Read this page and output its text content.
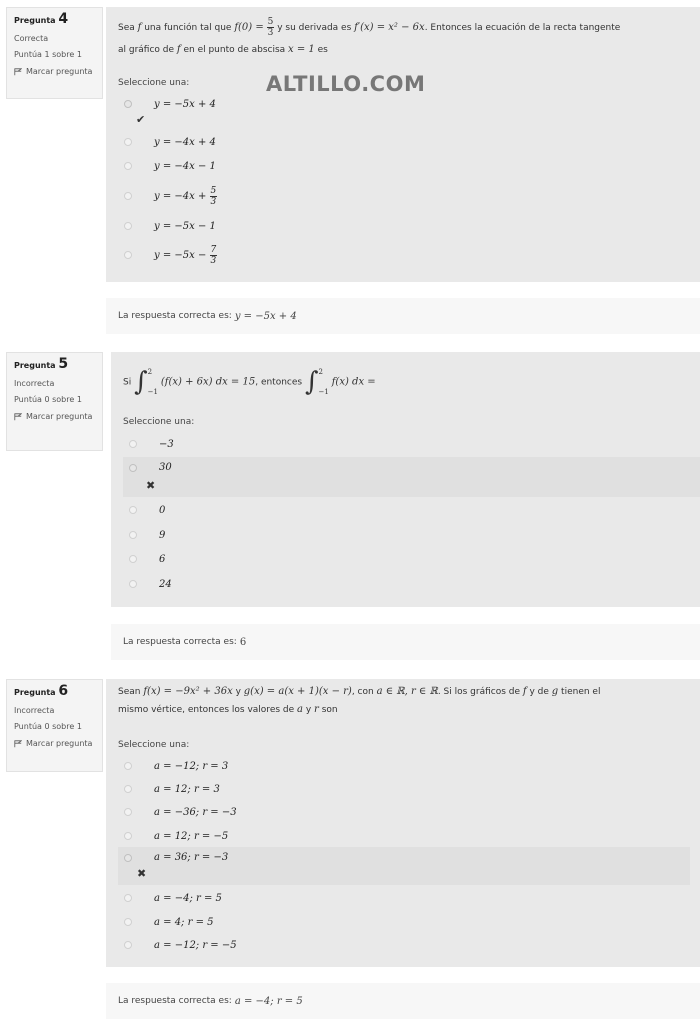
Pregunta 4
Correcta
Puntúa 1 sobre 1
Marcar pregunta
Sea f una función tal que $f(0) = \frac{5}{3}$ y su derivada es f′(x) = x² − 6x. Entonces la ecuación de la recta tangente
al gráfico de f en el punto de abscisa x = 1 es
Seleccione una:
y = −5x + 4
✔
y = −4x + 4
y = −4x − 1
$y = -4x + \frac{5}{3}$
y = −5x − 1
$y = -5x - \frac{7}{3}$
ALTILLO.COM
La respuesta correcta es: y = −5x + 4
Pregunta 5
Incorrecta
Puntúa 0 sobre 1
Marcar pregunta
Si ∫ 2
−1
(f(x) + 6x) dx = 15, entonces ∫ 2
−1
f(x) dx =
Seleccione una:
−3
30
✖
0
9
6
24
La respuesta correcta es: 6
Pregunta 6
Incorrecta
Puntúa 0 sobre 1
Marcar pregunta
Sean f(x) = −9x² + 36x y g(x) = a(x + 1)(x − r), con a ∈ ℝ, r ∈ ℝ. Si los gráficos de f y de g tienen el
mismo vértice, entonces los valores de a y r son
Seleccione una:
a = −12; r = 3
a = 12; r = 3
a = −36; r = −3
a = 12; r = −5
a = 36; r = −3
✖
a = −4; r = 5
a = 4; r = 5
a = −12; r = −5
La respuesta correcta es: a = −4; r = 5
